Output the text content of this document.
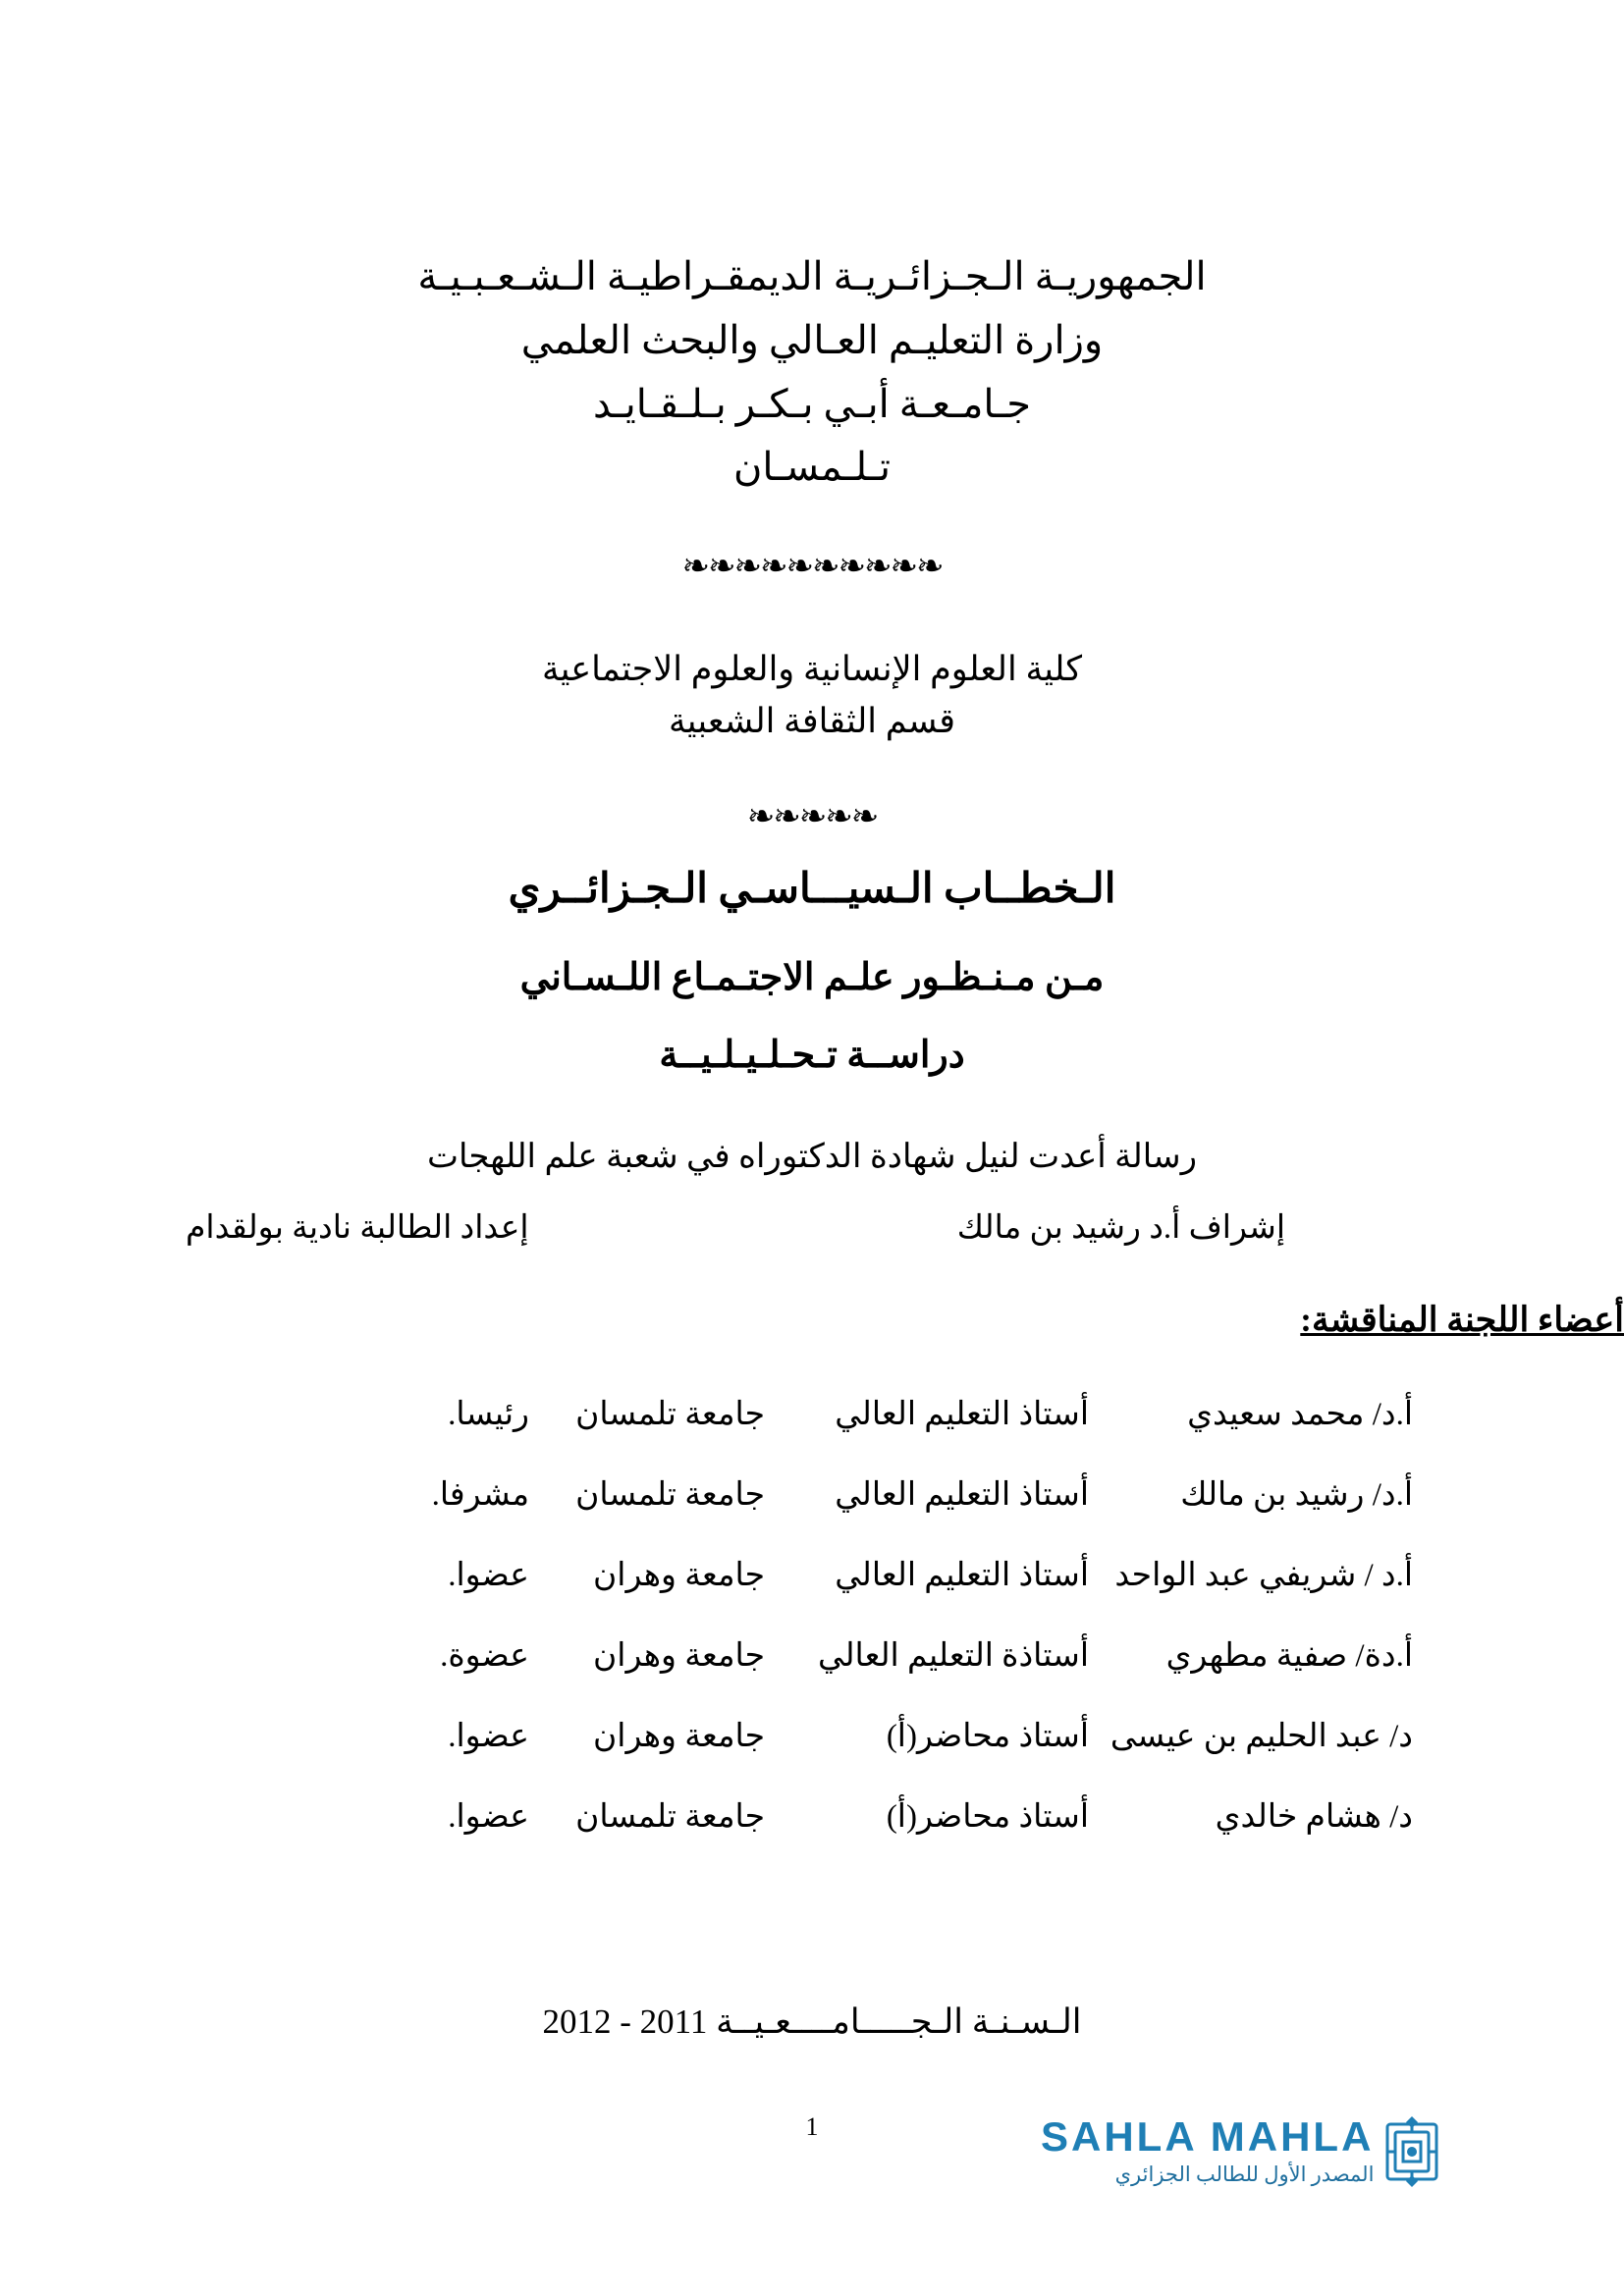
الجمهوريـة الـجـزائـريـة الديمقـراطيـة الـشـعـبـيـة
وزارة التعليـم العـالي والبحث العلمي
جـامـعـة أبـي بـكـر بـلـقـايـد
تـلـمسـان
❧❧❧❧❧❧❧❧❧❧
كلية العلوم الإنسانية والعلوم الاجتماعية
قسم الثقافة الشعبية
❧❧❧❧❧
الـخطــاب الـسيـــاسـي الـجـزائــري
مـن مـنـظـور علـم الاجتـمـاع اللـسـاني
دراســة تـحـلـيـلـيــة
رسالة أعدت لنيل شهادة الدكتوراه في شعبة علم اللهجات
إشراف أ.د رشيد بن مالك
إعداد الطالبة نادية بولقدام
أعضاء اللجنة المناقشة:
أ.د/ محمد سعيدي
أستاذ التعليم العالي
جامعة تلمسان
رئيسا.
أ.د/ رشيد بن مالك
أستاذ التعليم العالي
جامعة تلمسان
مشرفا.
أ.د / شريفي عبد الواحد
أستاذ التعليم العالي
جامعة وهران
عضوا.
أ.دة/ صفية مطهري
أستاذة التعليم العالي
جامعة وهران
عضوة.
د/ عبد الحليم بن عيسى
أستاذ محاضر(أ)
جامعة وهران
عضوا.
د/ هشام خالدي
أستاذ محاضر(أ)
جامعة تلمسان
عضوا.
الـسـنـة الـجـــــامــــعـيــة 2011 - 2012
1	SAHLA MAHLA
المصدر الأول للطالب الجزائري
